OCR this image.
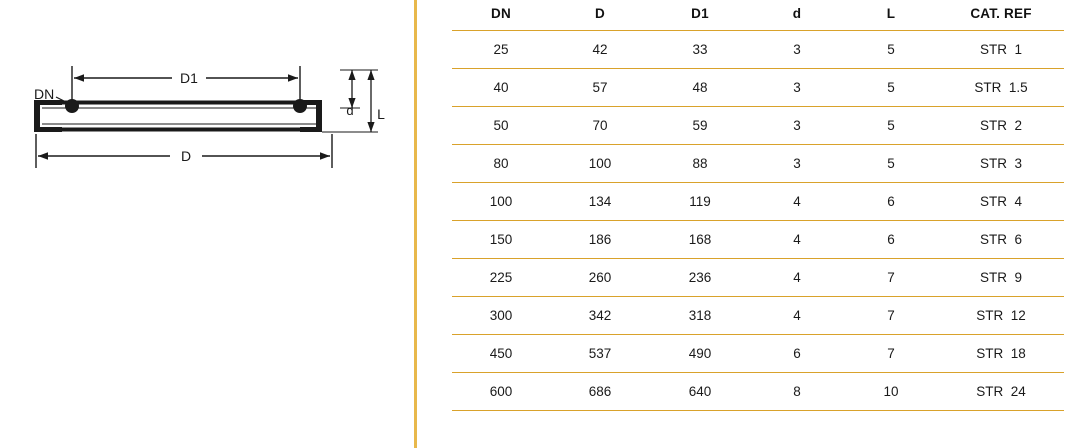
D1
DN
D
d L
DN	D	D1	d	L	CAT. REF
25	42	33	3	5	STR  1
40	57	48	3	5	STR  1.5
50	70	59	3	5	STR  2
80	100	88	3	5	STR  3
100	134	119	4	6	STR  4
150	186	168	4	6	STR  6
225	260	236	4	7	STR  9
300	342	318	4	7	STR  12
450	537	490	6	7	STR  18
600	686	640	8	10	STR  24
